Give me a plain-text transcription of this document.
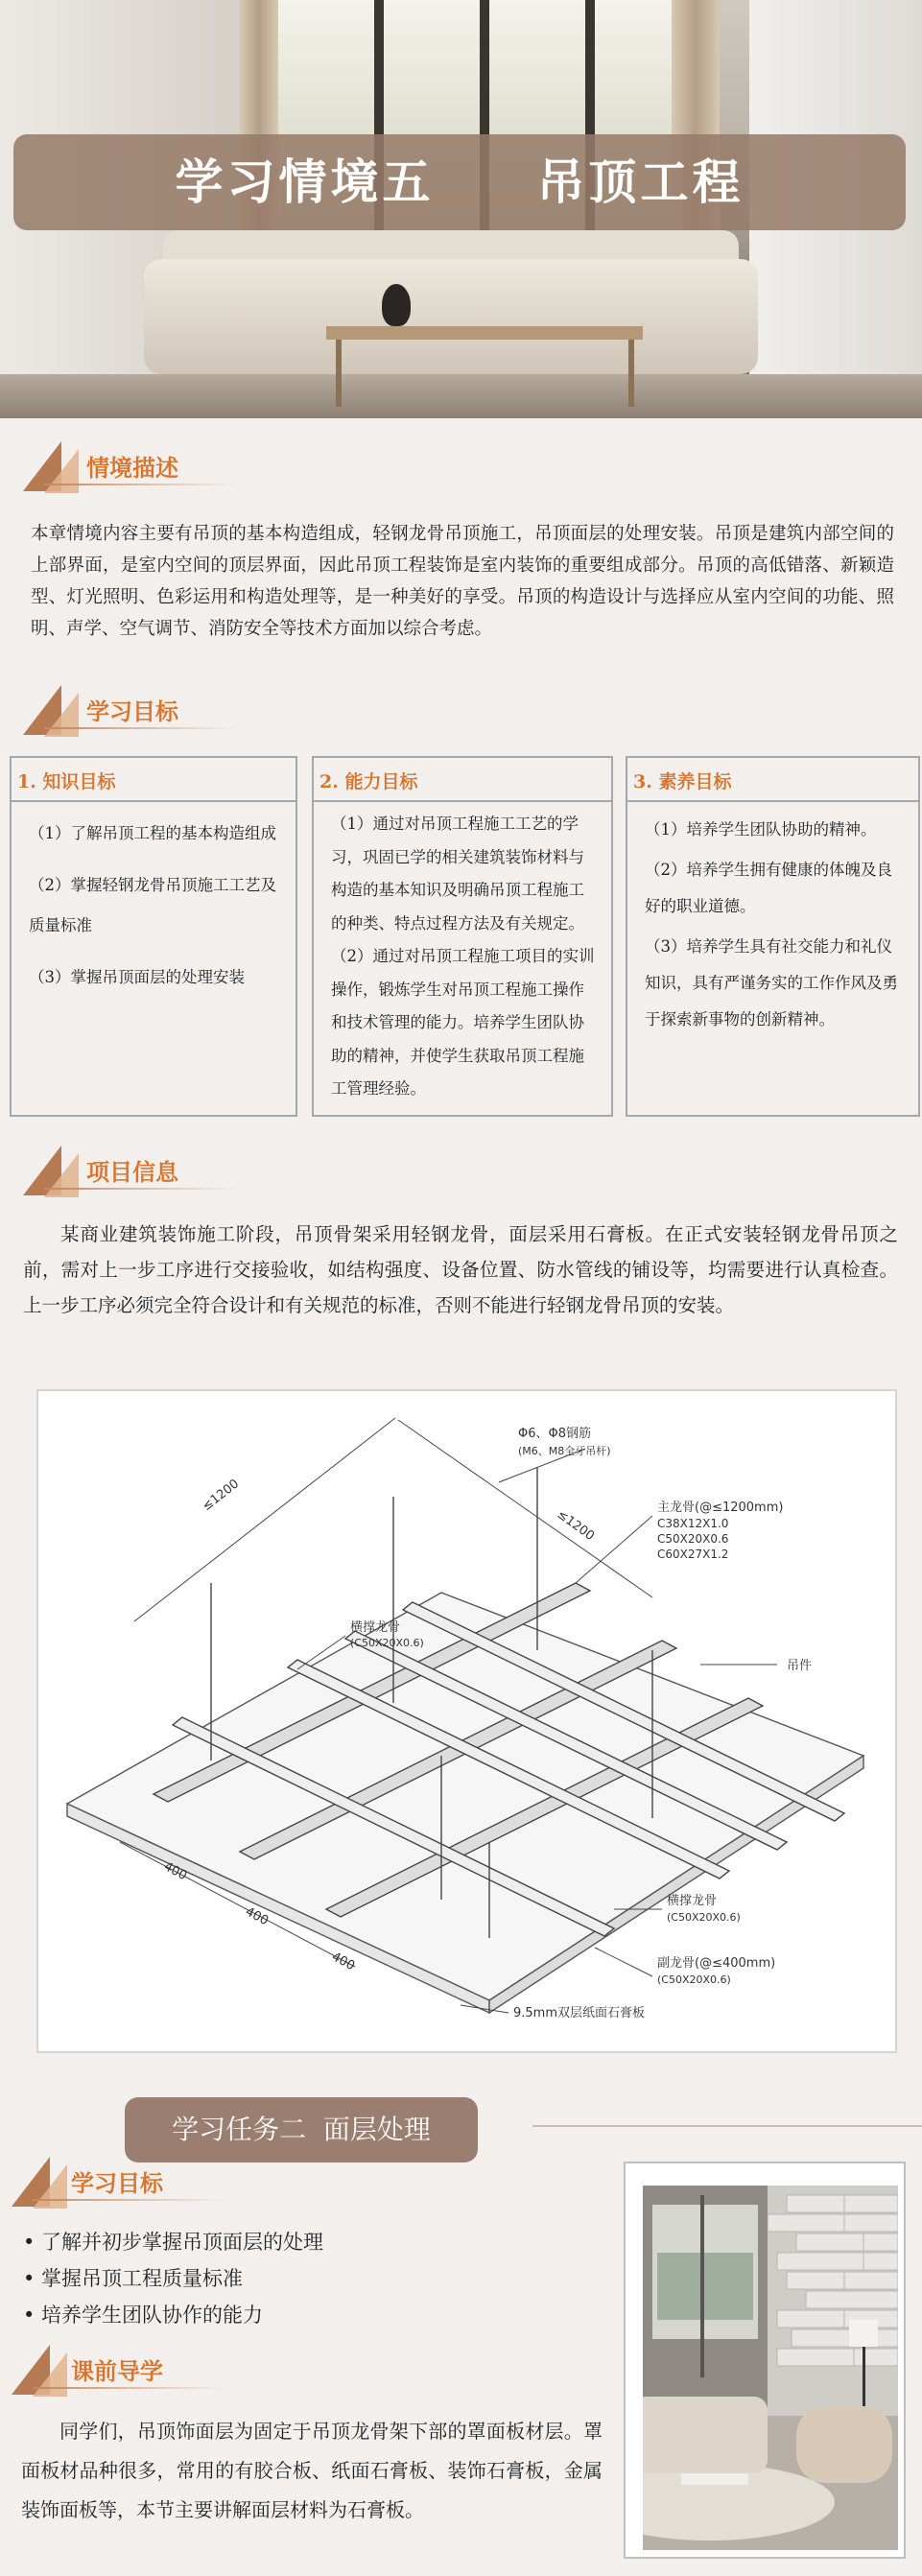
学习情境五     吊顶工程
情境描述
本章情境内容主要有吊顶的基本构造组成，轻钢龙骨吊顶施工，吊顶面层的处理安装。吊顶是建筑内部空间的上部界面，是室内空间的顶层界面，因此吊顶工程装饰是室内装饰的重要组成部分。吊顶的高低错落、新颖造型、灯光照明、色彩运用和构造处理等，是一种美好的享受。吊顶的构造设计与选择应从室内空间的功能、照明、声学、空气调节、消防安全等技术方面加以综合考虑。
学习目标
1. 知识目标

（1）了解吊顶工程的基本构造组成

（2）掌握轻钢龙骨吊顶施工工艺及质量标准

（3）掌握吊顶面层的处理安装

2. 能力目标

（1）通过对吊顶工程施工工艺的学习，巩固已学的相关建筑装饰材料与构造的基本知识及明确吊顶工程施工的种类、特点过程方法及有关规定。

（2）通过对吊顶工程施工项目的实训操作，锻炼学生对吊顶工程施工操作和技术管理的能力。培养学生团队协助的精神，并使学生获取吊顶工程施工管理经验。

3. 素养目标

（1）培养学生团队协助的精神。

（2）培养学生拥有健康的体魄及良好的职业道德。

（3）培养学生具有社交能力和礼仪知识，具有严谨务实的工作作风及勇于探索新事物的创新精神。

项目信息
某商业建筑装饰施工阶段，吊顶骨架采用轻钢龙骨，面层采用石膏板。在正式安装轻钢龙骨吊顶之前，需对上一步工序进行交接验收，如结构强度、设备位置、防水管线的铺设等，均需要进行认真检查。上一步工序必须完全符合设计和有关规范的标准，否则不能进行轻钢龙骨吊顶的安装。
≤1200
≤1200
Φ6、Φ8钢筋
(M6、M8全牙吊杆)
主龙骨(@≤1200mm)
C38X12X1.0
C50X20X0.6
C60X27X1.2
吊件
横撑龙骨
(C50X20X0.6)
横撑龙骨
(C50X20X0.6)
副龙骨(@≤400mm)
(C50X20X0.6)
9.5mm双层纸面石膏板
400
400
400
学习任务二  面层处理
学习目标
• 了解并初步掌握吊顶面层的处理
• 掌握吊顶工程质量标准
• 培养学生团队协作的能力
课前导学
同学们，吊顶饰面层为固定于吊顶龙骨架下部的罩面板材层。罩面板材品种很多，常用的有胶合板、纸面石膏板、装饰石膏板，金属装饰面板等，本节主要讲解面层材料为石膏板。
